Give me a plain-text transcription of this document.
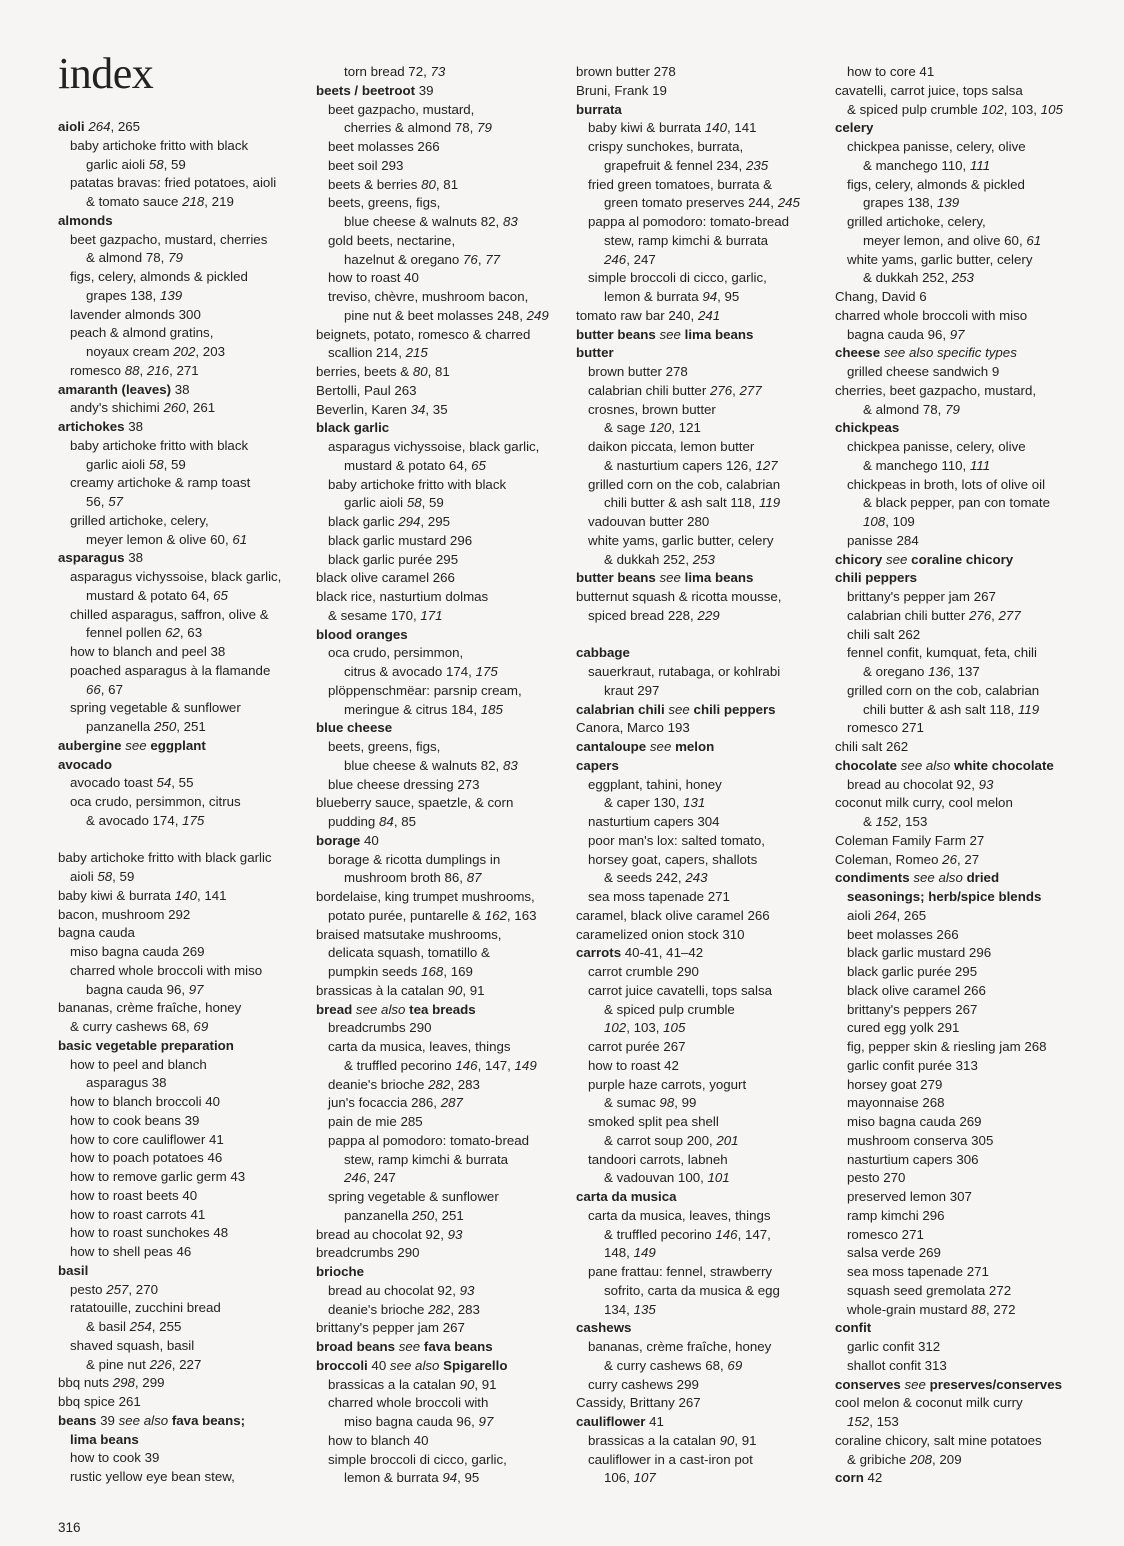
index
aioli 264, 265
baby artichoke fritto with black
garlic aioli 58, 59
patatas bravas: fried potatoes, aioli
& tomato sauce 218, 219
almonds
beet gazpacho, mustard, cherries
& almond 78, 79
figs, celery, almonds & pickled
grapes 138, 139
lavender almonds 300
peach & almond gratins,
noyaux cream 202, 203
romesco 88, 216, 271
amaranth (leaves) 38
andy's shichimi 260, 261
artichokes 38
baby artichoke fritto with black
garlic aioli 58, 59
creamy artichoke & ramp toast
56, 57
grilled artichoke, celery,
meyer lemon & olive 60, 61
asparagus 38
asparagus vichyssoise, black garlic,
mustard & potato 64, 65
chilled asparagus, saffron, olive &
fennel pollen 62, 63
how to blanch and peel 38
poached asparagus à la flamande
66, 67
spring vegetable & sunflower
panzanella 250, 251
aubergine see eggplant
avocado
avocado toast 54, 55
oca crudo, persimmon, citrus
& avocado 174, 175
baby artichoke fritto with black garlic
aioli 58, 59
baby kiwi & burrata 140, 141
bacon, mushroom 292
bagna cauda
miso bagna cauda 269
charred whole broccoli with miso
bagna cauda 96, 97
bananas, crème fraîche, honey
& curry cashews 68, 69
basic vegetable preparation
how to peel and blanch
asparagus 38
how to blanch broccoli 40
how to cook beans 39
how to core cauliflower 41
how to poach potatoes 46
how to remove garlic germ 43
how to roast beets 40
how to roast carrots 41
how to roast sunchokes 48
how to shell peas 46
basil
pesto 257, 270
ratatouille, zucchini bread
& basil 254, 255
shaved squash, basil
& pine nut 226, 227
bbq nuts 298, 299
bbq spice 261
beans 39 see also fava beans;
lima beans
how to cook 39
rustic yellow eye bean stew,
torn bread 72, 73
beets / beetroot 39
beet gazpacho, mustard,
cherries & almond 78, 79
beet molasses 266
beet soil 293
beets & berries 80, 81
beets, greens, figs,
blue cheese & walnuts 82, 83
gold beets, nectarine,
hazelnut & oregano 76, 77
how to roast 40
treviso, chèvre, mushroom bacon,
pine nut & beet molasses 248, 249
beignets, potato, romesco & charred
scallion 214, 215
berries, beets & 80, 81
Bertolli, Paul 263
Beverlin, Karen 34, 35
black garlic
asparagus vichyssoise, black garlic,
mustard & potato 64, 65
baby artichoke fritto with black
garlic aioli 58, 59
black garlic 294, 295
black garlic mustard 296
black garlic purée 295
black olive caramel 266
black rice, nasturtium dolmas
& sesame 170, 171
blood oranges
oca crudo, persimmon,
citrus & avocado 174, 175
plöppenschmëar: parsnip cream,
meringue & citrus 184, 185
blue cheese
beets, greens, figs,
blue cheese & walnuts 82, 83
blue cheese dressing 273
blueberry sauce, spaetzle, & corn
pudding 84, 85
borage 40
borage & ricotta dumplings in
mushroom broth 86, 87
bordelaise, king trumpet mushrooms,
potato purée, puntarelle & 162, 163
braised matsutake mushrooms,
delicata squash, tomatillo &
pumpkin seeds 168, 169
brassicas à la catalan 90, 91
bread see also tea breads
breadcrumbs 290
carta da musica, leaves, things
& truffled pecorino 146, 147, 149
deanie's brioche 282, 283
jun's focaccia 286, 287
pain de mie 285
pappa al pomodoro: tomato-bread
stew, ramp kimchi & burrata
246, 247
spring vegetable & sunflower
panzanella 250, 251
bread au chocolat 92, 93
breadcrumbs 290
brioche
bread au chocolat 92, 93
deanie's brioche 282, 283
brittany's pepper jam 267
broad beans see fava beans
broccoli 40 see also Spigarello
brassicas a la catalan 90, 91
charred whole broccoli with
miso bagna cauda 96, 97
how to blanch 40
simple broccoli di cicco, garlic,
lemon & burrata 94, 95
brown butter 278
Bruni, Frank 19
burrata
baby kiwi & burrata 140, 141
crispy sunchokes, burrata,
grapefruit & fennel 234, 235
fried green tomatoes, burrata &
green tomato preserves 244, 245
pappa al pomodoro: tomato-bread
stew, ramp kimchi & burrata
246, 247
simple broccoli di cicco, garlic,
lemon & burrata 94, 95
tomato raw bar 240, 241
butter beans see lima beans
butter
brown butter 278
calabrian chili butter 276, 277
crosnes, brown butter
& sage 120, 121
daikon piccata, lemon butter
& nasturtium capers 126, 127
grilled corn on the cob, calabrian
chili butter & ash salt 118, 119
vadouvan butter 280
white yams, garlic butter, celery
& dukkah 252, 253
butter beans see lima beans
butternut squash & ricotta mousse,
spiced bread 228, 229
cabbage
sauerkraut, rutabaga, or kohlrabi
kraut 297
calabrian chili see chili peppers
Canora, Marco 193
cantaloupe see melon
capers
eggplant, tahini, honey
& caper 130, 131
nasturtium capers 304
poor man's lox: salted tomato,
horsey goat, capers, shallots
& seeds 242, 243
sea moss tapenade 271
caramel, black olive caramel 266
caramelized onion stock 310
carrots 40-41, 41–42
carrot crumble 290
carrot juice cavatelli, tops salsa
& spiced pulp crumble
102, 103, 105
carrot purée 267
how to roast 42
purple haze carrots, yogurt
& sumac 98, 99
smoked split pea shell
& carrot soup 200, 201
tandoori carrots, labneh
& vadouvan 100, 101
carta da musica
carta da musica, leaves, things
& truffled pecorino 146, 147,
148, 149
pane frattau: fennel, strawberry
sofrito, carta da musica & egg
134, 135
cashews
bananas, crème fraîche, honey
& curry cashews 68, 69
curry cashews 299
Cassidy, Brittany 267
cauliflower 41
brassicas a la catalan 90, 91
cauliflower in a cast-iron pot
106, 107
how to core 41
cavatelli, carrot juice, tops salsa
& spiced pulp crumble 102, 103, 105
celery
chickpea panisse, celery, olive
& manchego 110, 111
figs, celery, almonds & pickled
grapes 138, 139
grilled artichoke, celery,
meyer lemon, and olive 60, 61
white yams, garlic butter, celery
& dukkah 252, 253
Chang, David 6
charred whole broccoli with miso
bagna cauda 96, 97
cheese see also specific types
grilled cheese sandwich 9
cherries, beet gazpacho, mustard,
& almond 78, 79
chickpeas
chickpea panisse, celery, olive
& manchego 110, 111
chickpeas in broth, lots of olive oil
& black pepper, pan con tomate
108, 109
panisse 284
chicory see coraline chicory
chili peppers
brittany's pepper jam 267
calabrian chili butter 276, 277
chili salt 262
fennel confit, kumquat, feta, chili
& oregano 136, 137
grilled corn on the cob, calabrian
chili butter & ash salt 118, 119
romesco 271
chili salt 262
chocolate see also white chocolate
bread au chocolat 92, 93
coconut milk curry, cool melon
& 152, 153
Coleman Family Farm 27
Coleman, Romeo 26, 27
condiments see also dried
seasonings; herb/spice blends
aioli 264, 265
beet molasses 266
black garlic mustard 296
black garlic purée 295
black olive caramel 266
brittany's peppers 267
cured egg yolk 291
fig, pepper skin & riesling jam 268
garlic confit purée 313
horsey goat 279
mayonnaise 268
miso bagna cauda 269
mushroom conserva 305
nasturtium capers 306
pesto 270
preserved lemon 307
ramp kimchi 296
romesco 271
salsa verde 269
sea moss tapenade 271
squash seed gremolata 272
whole-grain mustard 88, 272
confit
garlic confit 312
shallot confit 313
conserves see preserves/conserves
cool melon & coconut milk curry
152, 153
coraline chicory, salt mine potatoes
& gribiche 208, 209
corn 42
316
